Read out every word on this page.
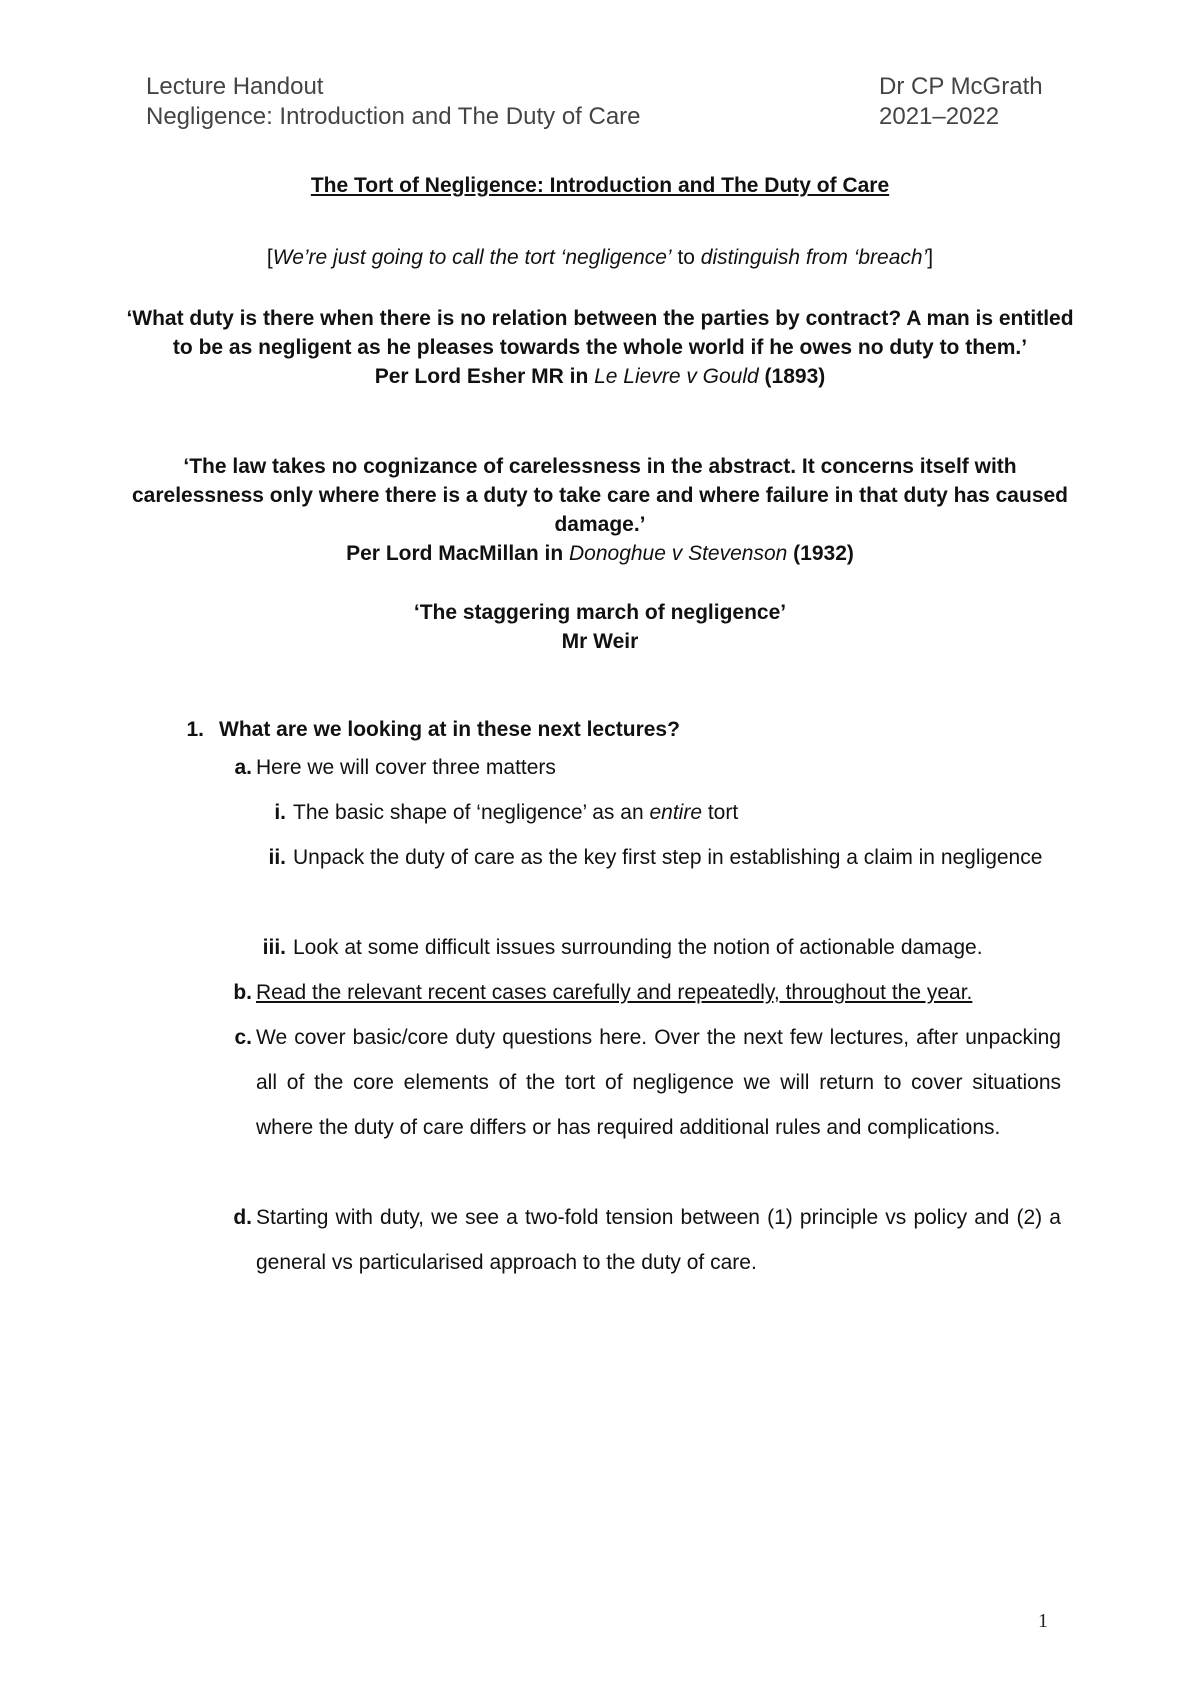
Lecture Handout
Negligence: Introduction and The Duty of Care
Dr CP McGrath
2021–2022
The Tort of Negligence: Introduction and The Duty of Care
[We’re just going to call the tort ‘negligence’ to distinguish from ‘breach’]
‘What duty is there when there is no relation between the parties by contract? A man is entitled to be as negligent as he pleases towards the whole world if he owes no duty to them.’
Per Lord Esher MR in Le Lievre v Gould (1893)
‘The law takes no cognizance of carelessness in the abstract. It concerns itself with carelessness only where there is a duty to take care and where failure in that duty has caused damage.’
Per Lord MacMillan in Donoghue v Stevenson (1932)
‘The staggering march of negligence’
Mr Weir
1. What are we looking at in these next lectures?
a. Here we will cover three matters
i. The basic shape of ‘negligence’ as an entire tort
ii. Unpack the duty of care as the key first step in establishing a claim in negligence
iii. Look at some difficult issues surrounding the notion of actionable damage.
b. Read the relevant recent cases carefully and repeatedly, throughout the year.
c. We cover basic/core duty questions here. Over the next few lectures, after unpacking all of the core elements of the tort of negligence we will return to cover situations where the duty of care differs or has required additional rules and complications.
d. Starting with duty, we see a two-fold tension between (1) principle vs policy and (2) a general vs particularised approach to the duty of care.
1
